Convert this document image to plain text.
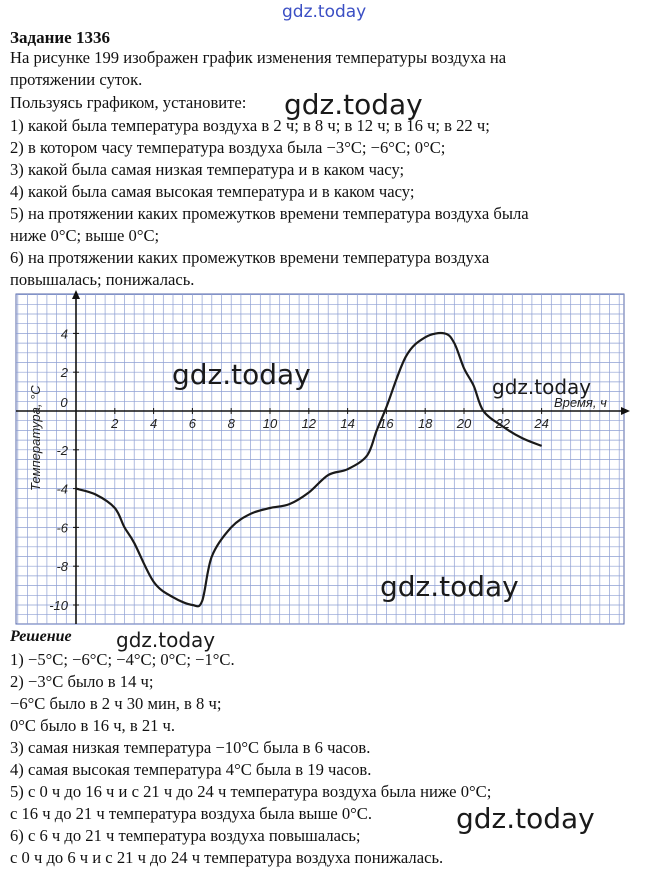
gdz.today
Задание 1336
На рисунке 199 изображен график изменения температуры воздуха на
протяжении суток.
Пользуясь графиком, установите:
1) какой была температура воздуха в 2 ч; в 8 ч; в 12 ч; в 16 ч; в 22 ч;
2) в котором часу температура воздуха была −3°C; −6°C; 0°C;
3) какой была самая низкая температура и в каком часу;
4) какой была самая высокая температура и в каком часу;
5) на протяжении каких промежутков времени температура воздуха была
ниже 0°C; выше 0°C;
6) на протяжении каких промежутков времени температура воздуха
повышалась; понижалась.
2 4 6 8 10 12 14 16 18 20 22 24
0
4
2
-2
-4
-6
-8
-10
Время, ч
Температура, °С
Решение
1) −5°C; −6°C; −4°C; 0°C; −1°C.
2) −3°C было в 14 ч;
−6°C было в 2 ч 30 мин, в 8 ч;
0°C было в 16 ч, в 21 ч.
3) самая низкая температура −10°C была в 6 часов.
4) самая высокая температура 4°C была в 19 часов.
5) с 0 ч до 16 ч и с 21 ч до 24 ч температура воздуха была ниже 0°C;
с 16 ч до 21 ч температура воздуха была выше 0°C.
6) с 6 ч до 21 ч температура воздуха повышалась;
с 0 ч до 6 ч и с 21 ч до 24 ч температура воздуха понижалась.
gdz.today
gdz.today	gdz.today
gdz.today
gdz.today
gdz.today
